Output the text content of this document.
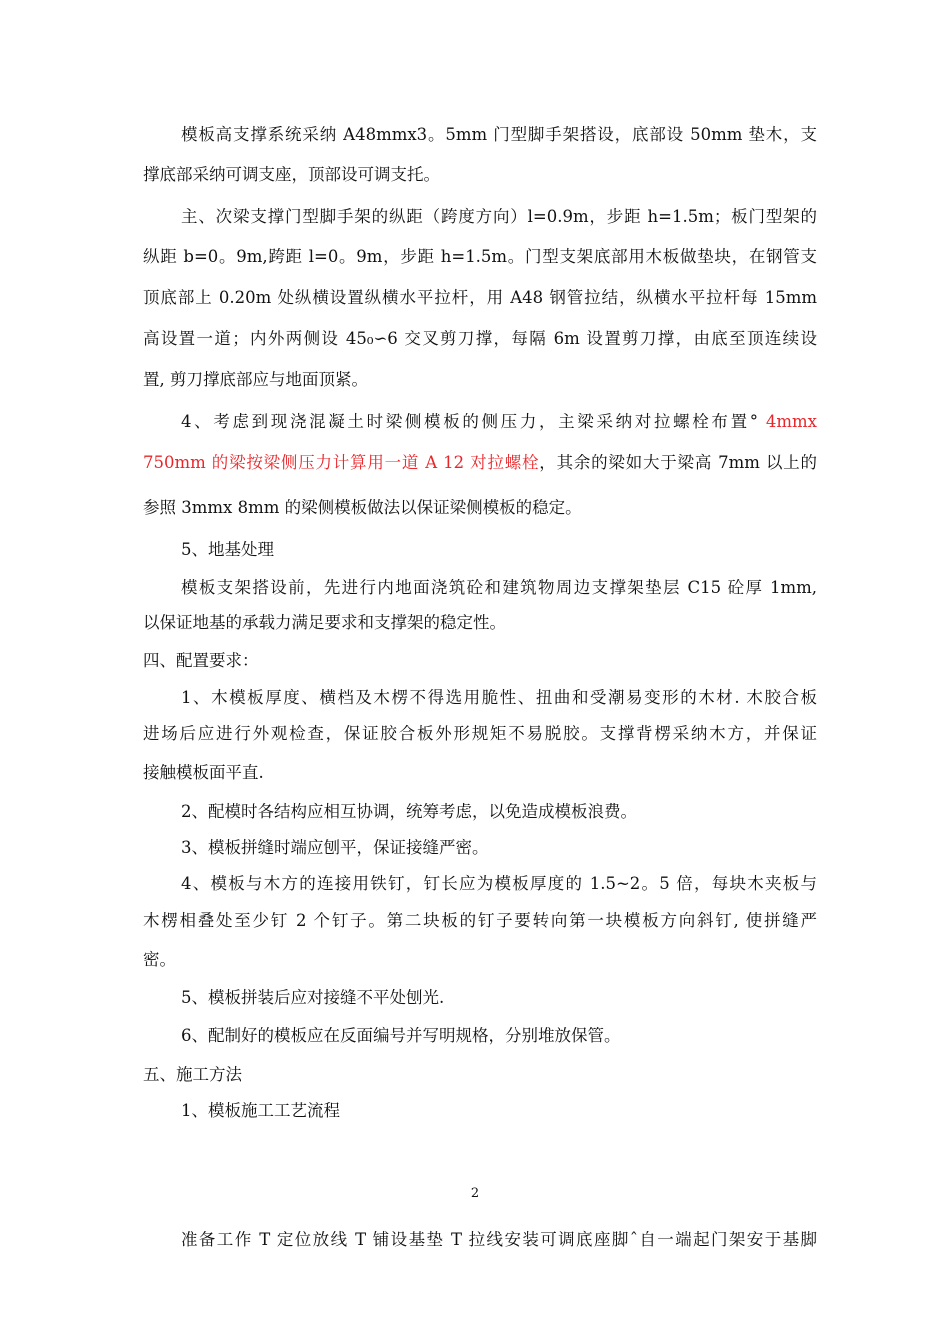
模板高支撑系统采纳 A48mmx3。5mm 门型脚手架搭设，底部设 50mm 垫木，支
撑底部采纳可调支座，顶部设可调支托。
主、次梁支撑门型脚手架的纵距（跨度方向）l=0.9m，步距 h=1.5m；板门型架的
纵距 b=0。9m,跨距 l=0。9m，步距 h=1.5m。门型支架底部用木板做垫块，在钢管支
顶底部上 0.20m 处纵横设置纵横水平拉杆，用 A48 钢管拉结，纵横水平拉杆每 15mm
高设置一道；内外两侧设 45₀∽6 交叉剪刀撑，每隔 6m 设置剪刀撑，由底至顶连续设
置, 剪刀撑底部应与地面顶紧。
4、考虑到现浇混凝土时梁侧模板的侧压力，主梁采纳对拉螺栓布置° 4mmx
750mm 的梁按梁侧压力计算用一道 A 12 对拉螺栓，其余的梁如大于梁高 7mm 以上的
参照 3mmx 8mm 的梁侧模板做法以保证梁侧模板的稳定。
5、地基处理
模板支架搭设前，先进行内地面浇筑砼和建筑物周边支撑架垫层 C15 砼厚 1mm,
以保证地基的承载力满足要求和支撑架的稳定性。
四、配置要求：
1、木模板厚度、横档及木楞不得选用脆性、扭曲和受潮易变形的木材. 木胶合板
进场后应进行外观检查，保证胶合板外形规矩不易脱胶。支撑背楞采纳木方，并保证
接触模板面平直.
2、配模时各结构应相互协调，统筹考虑，以免造成模板浪费。
3、模板拼缝时端应刨平，保证接缝严密。
4、模板与木方的连接用铁钉，钉长应为模板厚度的 1.5~2。5 倍，每块木夹板与
木楞相叠处至少钉 2 个钉子。第二块板的钉子要转向第一块模板方向斜钉, 使拼缝严
密。
5、模板拼装后应对接缝不平处刨光.
6、配制好的模板应在反面编号并写明规格，分别堆放保管。
五、施工方法
1、模板施工工艺流程
2
准备工作 T 定位放线 T 铺设基垫 T 拉线安装可调底座脚ˆ自一端起门架安于基脚
